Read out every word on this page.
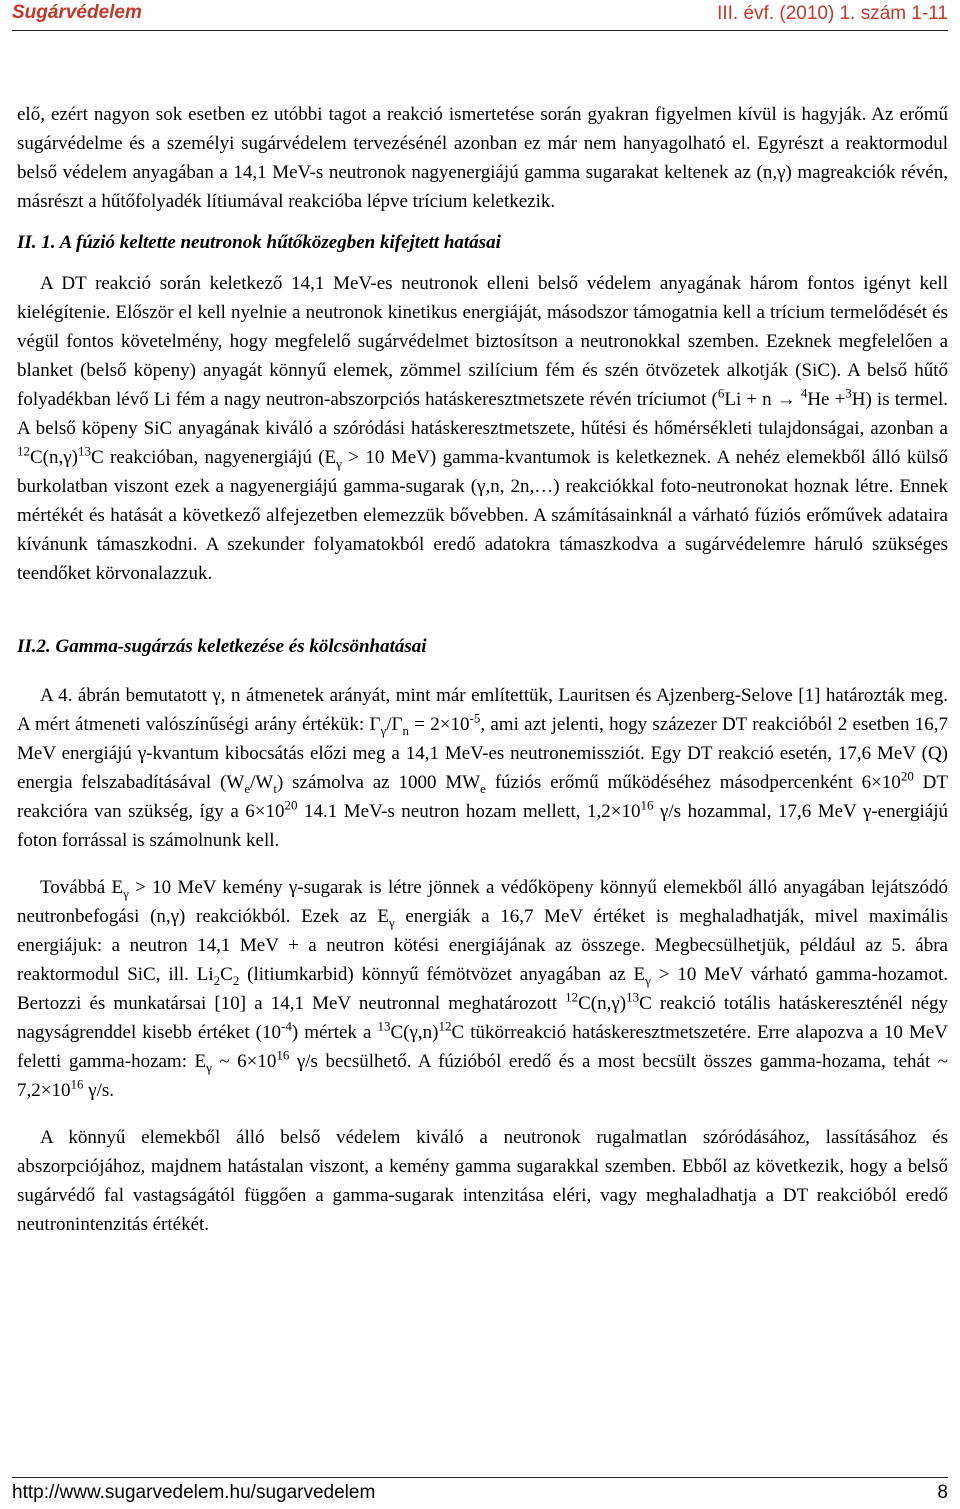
Sugárvédelem	III. évf. (2010) 1. szám 1-11

elő, ezért nagyon sok esetben ez utóbbi tagot a reakció ismertetése során gyakran figyelmen kívül is hagyják. Az erőmű sugárvédelme és a személyi sugárvédelem tervezésénél azonban ez már nem hanyagolható el. Egyrészt a reaktormodul belső védelem anyagában a 14,1 MeV-s neutronok nagyenergiájú gamma sugarakat keltenek az (n,γ) magreakciók révén, másrészt a hűtőfolyadék lítiumával reakcióba lépve trícium keletkezik.

II. 1. A fúzió keltette neutronok hűtőközegben kifejtett hatásai

A DT reakció során keletkező 14,1 MeV-es neutronok elleni belső védelem anyagának három fontos igényt kell kielégítenie. Először el kell nyelnie a neutronok kinetikus energiáját, másodszor támogatnia kell a trícium termelődését és végül fontos követelmény, hogy megfelelő sugárvédelmet biztosítson a neutronokkal szemben. Ezeknek megfelelően a blanket (belső köpeny) anyagát könnyű elemek, zömmel szilícium fém és szén ötvözetek alkotják (SiC). A belső hűtő folyadékban lévő Li fém a nagy neutron-abszorpciós hatáskeresztmetszete révén tríciumot ($^6$Li + n → $^4$He +$^3$H) is termel. A belső köpeny SiC anyagának kiváló a szóródási hatáskeresztmetszete, hűtési és hőmérsékleti tulajdonságai, azonban a $^{12}C(n,\gamma)^{13}C$ reakcióban, nagyenergiájú ($E_\gamma > 10$ MeV) gamma-kvantumok is keletkeznek. A nehéz elemekből álló külső burkolatban viszont ezek a nagyenergiájú gamma-sugarak (γ,n, 2n,…) reakciókkal foto-neutronokat hoznak létre. Ennek mértékét és hatását a következő alfejezetben elemezzük bővebben. A számításainknál a várható fúziós erőművek adataira kívánunk támaszkodni. A szekunder folyamatokból eredő adatokra támaszkodva a sugárvédelemre háruló szükséges teendőket körvonalazzuk.

II.2. Gamma-sugárzás keletkezése és kölcsönhatásai

A 4. ábrán bemutatott γ, n átmenetek arányát, mint már említettük, Lauritsen és Ajzenberg-Selove [1] határozták meg. A mért átmeneti valószínűségi arány értékük: $\Gamma_\gamma/\Gamma_n = 2\times 10^{-5}$, ami azt jelenti, hogy százezer DT reakcióból 2 esetben 16,7 MeV energiájú γ-kvantum kibocsátás előzi meg a 14,1 MeV-es neutronemissziót. Egy DT reakció esetén, 17,6 MeV (Q) energia felszabadításával $(W_e/W_t)$ számolva az 1000 $MW_e$ fúziós erőmű működéséhez másodpercenként $6\times 10^{20}$ DT reakcióra van szükség, így a $6\times 10^{20}$ 14.1 MeV-s neutron hozam mellett, $1,2\times 10^{16}$ γ/s hozammal, 17,6 MeV γ-energiájú foton forrással is számolnunk kell.

Továbbá $E_\gamma > 10$ MeV kemény γ-sugarak is létre jönnek a védőköpeny könnyű elemekből álló anyagában lejátszódó neutronbefogási (n,γ) reakciókból. Ezek az $E_\gamma$ energiák a 16,7 MeV értéket is meghaladhatják, mivel maximális energiájuk: a neutron 14,1 MeV + a neutron kötési energiájának az összege. Megbecsülhetjük, például az 5. ábra reaktormodul SiC, ill. $Li_2C_2$ (litiumkarbid) könnyű fémötvözet anyagában az $E_\gamma > 10$ MeV várható gamma-hozamot. Bertozzi és munkatársai [10] a 14,1 MeV neutronnal meghatározott $^{12}C(n,\gamma)^{13}C$ reakció totális hatáskereszténél négy nagyságrenddel kisebb értéket $(10^{-4})$ mértek a $^{13}C(\gamma,n)^{12}C$ tükörreakció hatáskeresztmetszetére. Erre alapozva a 10 MeV feletti gamma-hozam: $E_\gamma$ ~ $6\times 10^{16}$ γ/s becsülhető. A fúzióból eredő és a most becsült összes gamma-hozama, tehát ~ $7,2\times 10^{16}$ γ/s.

A könnyű elemekből álló belső védelem kiváló a neutronok rugalmatlan szóródásához, lassításához és abszorpciójához, majdnem hatástalan viszont, a kemény gamma sugarakkal szemben. Ebből az következik, hogy a belső sugárvédő fal vastagságától függően a gamma-sugarak intenzitása eléri, vagy meghaladhatja a DT reakcióból eredő neutronintenzitás értékét.

http://www.sugarvedelem.hu/sugarvedelem	8
